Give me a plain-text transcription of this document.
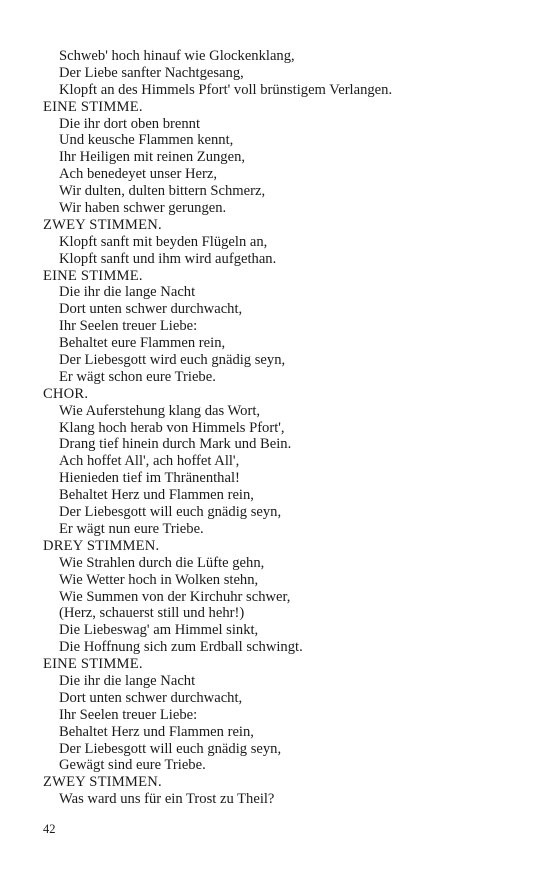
Schweb' hoch hinauf wie Glockenklang,
Der Liebe sanfter Nachtgesang,
Klopft an des Himmels Pfort' voll brünstigem Verlangen.
EINE STIMME.
Die ihr dort oben brennt
Und keusche Flammen kennt,
Ihr Heiligen mit reinen Zungen,
Ach benedeyet unser Herz,
Wir dulten, dulten bittern Schmerz,
Wir haben schwer gerungen.
ZWEY STIMMEN.
Klopft sanft mit beyden Flügeln an,
Klopft sanft und ihm wird aufgethan.
EINE STIMME.
Die ihr die lange Nacht
Dort unten schwer durchwacht,
Ihr Seelen treuer Liebe:
Behaltet eure Flammen rein,
Der Liebesgott wird euch gnädig seyn,
Er wägt schon eure Triebe.
CHOR.
Wie Auferstehung klang das Wort,
Klang hoch herab von Himmels Pfort',
Drang tief hinein durch Mark und Bein.
Ach hoffet All', ach hoffet All',
Hienieden tief im Thränenthal!
Behaltet Herz und Flammen rein,
Der Liebesgott will euch gnädig seyn,
Er wägt nun eure Triebe.
DREY STIMMEN.
Wie Strahlen durch die Lüfte gehn,
Wie Wetter hoch in Wolken stehn,
Wie Summen von der Kirchuhr schwer,
(Herz, schauerst still und hehr!)
Die Liebeswag' am Himmel sinkt,
Die Hoffnung sich zum Erdball schwingt.
EINE STIMME.
Die ihr die lange Nacht
Dort unten schwer durchwacht,
Ihr Seelen treuer Liebe:
Behaltet Herz und Flammen rein,
Der Liebesgott will euch gnädig seyn,
Gewägt sind eure Triebe.
ZWEY STIMMEN.
Was ward uns für ein Trost zu Theil?
42
